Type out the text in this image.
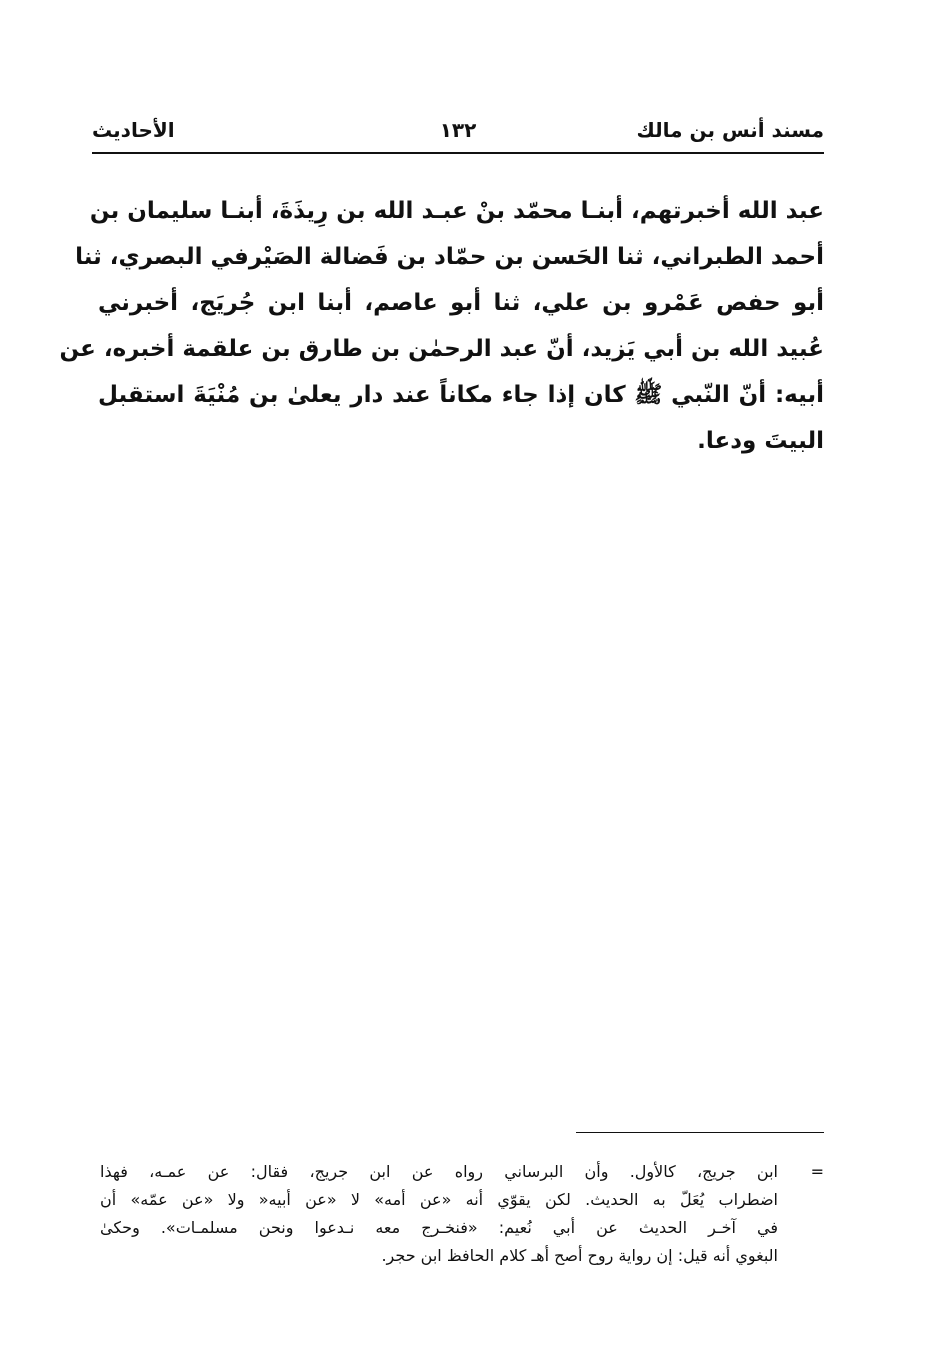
مسند أنس بن مالك
١٣٢
الأحاديث
عبد الله أخبرتهم، أبنـا محمّد بنْ عبـد الله بن رِيذَةَ، أبنـا سليمان بن
أحمد الطبراني، ثنا الحَسن بن حمّاد بن فَضالة الصَيْرفي البصري، ثنا
أبو حفص عَمْرو بن علي، ثنا أبو عاصم، أبنا ابن جُريَج، أخبرني
عُبيد الله بن أبي يَزيد، أنّ عبد الرحمٰن بن طارق بن علقمة أخبره، عن
أبيه: أنّ النّبي ﷺ كان إذا جاء مكاناً عند دار يعلىٰ بن مُنْيَةَ استقبل
البيتَ ودعا.
=
ابن جريج، كالأول. وأن البرساني رواه عن ابن جريج، فقال: عن عمـه، فهذا
اضطراب يُعَلّ به الحديث. لكن يقوّي أنه «عن أمه» لا «عن أبيه« ولا «عن عمّه» أن
في آخـر الحديث عن أبي نُعيم: «فنخـرج معه نـدعوا ونحن مسلمـات». وحكىٰ
البغوي أنه قيل: إن رواية روح أصح أهـ كلام الحافظ ابن حجر.
